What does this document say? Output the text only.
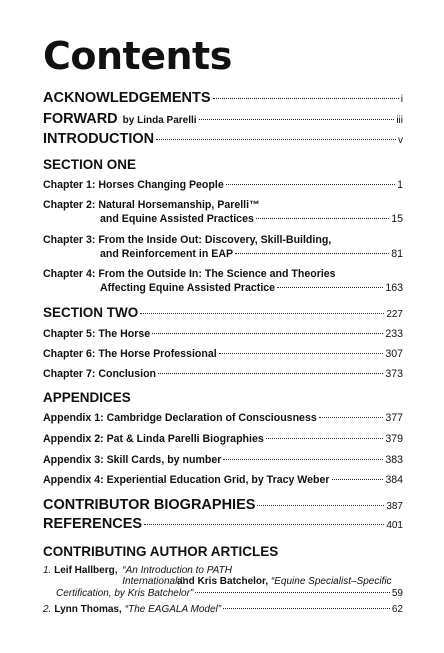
Contents
ACKNOWLEDGEMENTS	i
FORWARD by Linda Parelli	iii
INTRODUCTION	v
SECTION ONE
Chapter 1: Horses Changing People	1
Chapter 2: Natural Horsemanship, Parelli™
and Equine Assisted Practices	15
Chapter 3: From the Inside Out: Discovery, Skill-Building,
and Reinforcement in EAP	81
Chapter 4: From the Outside In: The Science and Theories
Affecting Equine Assisted Practice	163
SECTION TWO	227
Chapter 5: The Horse	233
Chapter 6: The Horse Professional	307
Chapter 7: Conclusion	373
APPENDICES
Appendix 1: Cambridge Declaration of Consciousness	377
Appendix 2: Pat & Linda Parelli Biographies	379
Appendix 3: Skill Cards, by number	383
Appendix 4: Experiential Education Grid, by Tracy Weber	384
CONTRIBUTOR BIOGRAPHIES	387
REFERENCES	401
CONTRIBUTING AUTHOR ARTICLES
1. Leif Hallberg, “An Introduction to PATH International,”
and Kris Batchelor, “Equine Specialist–Specific
Certification, by Kris Batchelor”	59
2. Lynn Thomas, “The EAGALA Model”	62
